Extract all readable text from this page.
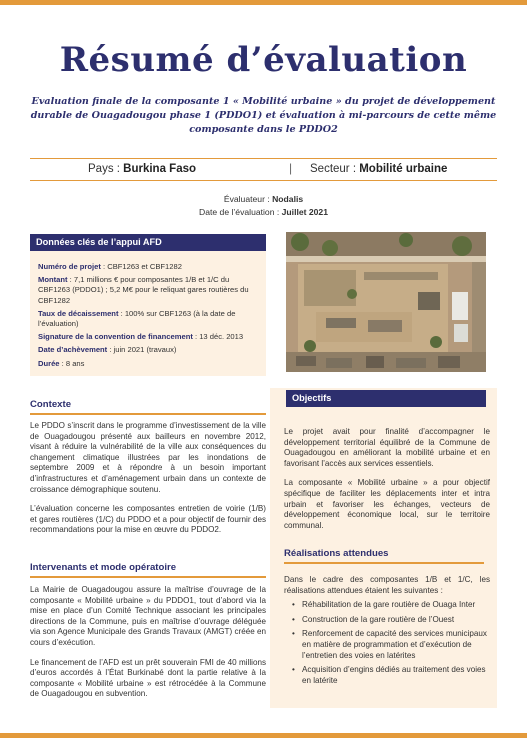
Résumé d’évaluation
Evaluation finale de la composante 1 « Mobilité urbaine » du projet de développement durable de Ouagadougou phase 1 (PDDO1) et évaluation à mi-parcours de cette même composante dans le PDDO2
Pays : Burkina Faso	| Secteur : Mobilité urbaine
Évaluateur : Nodalis
Date de l’évaluation : Juillet 2021
Données clés de l’appui AFD

Numéro de projet : CBF1263 et CBF1282

Montant : 7,1 millions € pour composantes 1/B et 1/C du CBF1263 (PDDO1) ; 5,2 M€ pour le reliquat gares routières du CBF1282

Taux de décaissement : 100% sur CBF1263 (à la date de l’évaluation)

Signature de la convention de financement : 13 déc. 2013

Date d’achèvement : juin 2021 (travaux)

Durée : 8 ans

Contexte

Le PDDO s’inscrit dans le programme d’investissement de la ville de Ouagadougou présenté aux bailleurs en novembre 2012, visant à réduire la vulnérabilité de la ville aux conséquences du changement climatique illustrées par les inondations de septembre 2009 et à répondre à un besoin important d’infrastructures et d’aménagement urbain dans un contexte de croissance démographique soutenu.

L’évaluation concerne les composantes entretien de voirie (1/B) et gares routières (1/C) du PDDO et a pour objectif de fournir des recommandations pour la mise en œuvre du PDDO2.

Intervenants et mode opératoire

La Mairie de Ouagadougou assure la maîtrise d’ouvrage de la composante « Mobilité urbaine » du PDDO1, tout d’abord via la mise en place d’un Comité Technique associant les principales directions de la Commune, puis en maîtrise d’ouvrage déléguée via son Agence Municipale des Grands Travaux (AMGT) créée en cours d’exécution.

Le financement de l’AFD est un prêt souverain FMI de 40 millions d’euros accordés à l’État Burkinabé dont la partie relative à la composante « Mobilité urbaine » est rétrocédée à la Commune de Ouagadougou en subvention.

Objectifs

Le projet avait pour finalité d’accompagner le développement territorial équilibré de la Commune de Ouagadougou en améliorant la mobilité urbaine et en favorisant l’accès aux services essentiels.

La composante « Mobilité urbaine » a pour objectif spécifique de faciliter les déplacements inter et intra urbain et favoriser les échanges, vecteurs de développement économique local, sur le territoire communal.

Réalisations attendues
Dans le cadre des composantes 1/B et 1/C, les réalisations attendues étaient les suivantes :
• Réhabilitation de la gare routière de Ouaga Inter
• Construction de la gare routière de l’Ouest
• Renforcement de capacité des services municipaux en matière de programmation et d’exécution de l’entretien des voies en latérites
• Acquisition d’engins dédiés au traitement des voies en latérite
